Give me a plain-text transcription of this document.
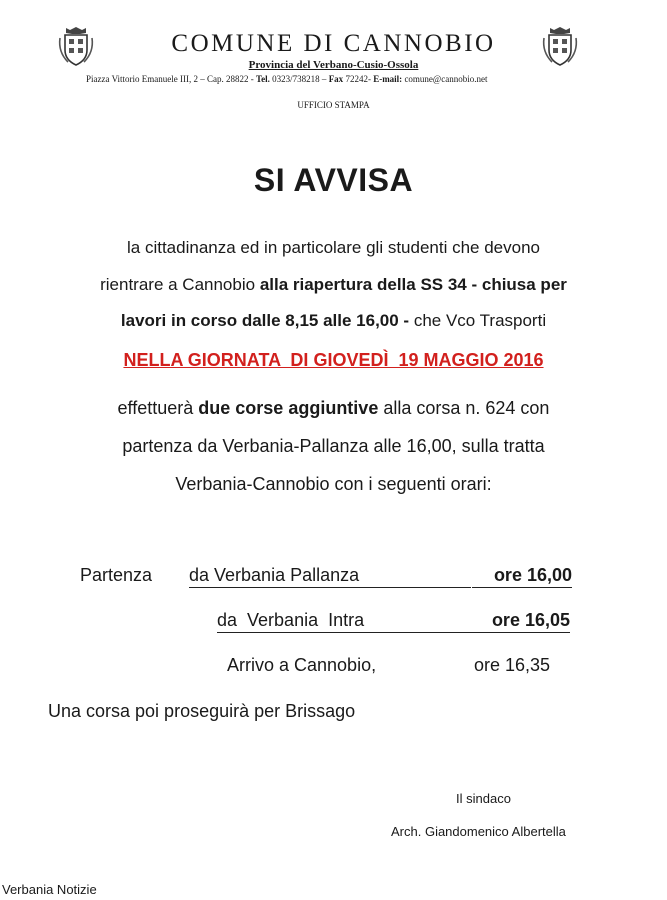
COMUNE DI CANNOBIO
Provincia del Verbano-Cusio-Ossola
Piazza Vittorio Emanuele III, 2 – Cap. 28822 - Tel. 0323/738218 – Fax 72242- E-mail: comune@cannobio.net
UFFICIO STAMPA
SI AVVISA
la cittadinanza ed in particolare gli studenti che devono
rientrare a Cannobio alla riapertura della SS 34 - chiusa per
lavori in corso dalle 8,15 alle 16,00 - che Vco Trasporti
NELLA GIORNATA  DI GIOVEDÌ  19 MAGGIO 2016
effettuerà due corse aggiuntive alla corsa n. 624 con
partenza da Verbania-Pallanza alle 16,00, sulla tratta
Verbania-Cannobio con i seguenti orari:
Partenza da Verbania Pallanza	ore 16,00
da  Verbania  Intra	ore 16,05
Arrivo a Cannobio,	ore 16,35
Una corsa poi proseguirà per Brissago
Il sindaco
Arch. Giandomenico Albertella
Verbania Notizie
